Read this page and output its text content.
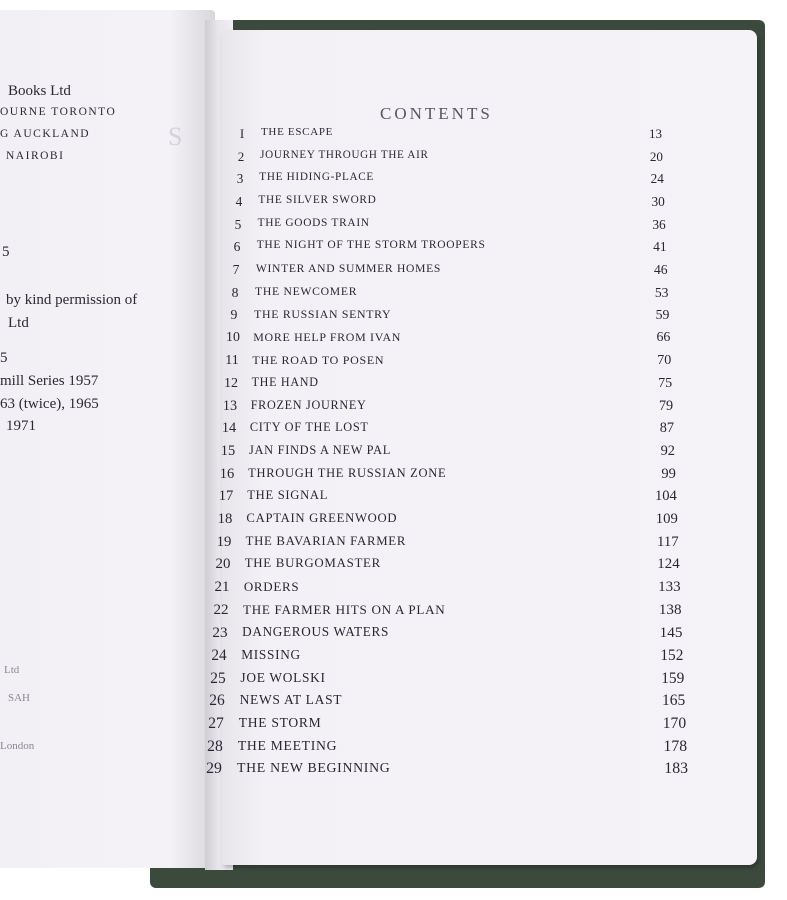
S
Books Ltd
OURNE TORONTO
G AUCKLAND
NAIROBI
5
by kind permission of
Ltd
5
mill Series 1957
63 (twice), 1965
1971
Ltd
SAH
London
CONTENTS
I	THE ESCAPE	13
2	JOURNEY THROUGH THE AIR	20
3	THE HIDING-PLACE	24
4	THE SILVER SWORD	30
5	THE GOODS TRAIN	36
6	THE NIGHT OF THE STORM TROOPERS	41
7	WINTER AND SUMMER HOMES	46
8	THE NEWCOMER	53
9	THE RUSSIAN SENTRY	59
10	MORE HELP FROM IVAN	66
11	THE ROAD TO POSEN	70
12	THE HAND	75
13	FROZEN JOURNEY	79
14	CITY OF THE LOST	87
15	JAN FINDS A NEW PAL	92
16	THROUGH THE RUSSIAN ZONE	99
17	THE SIGNAL	104
18	CAPTAIN GREENWOOD	109
19	THE BAVARIAN FARMER	117
20	THE BURGOMASTER	124
21	ORDERS	133
22	THE FARMER HITS ON A PLAN	138
23	DANGEROUS WATERS	145
24	MISSING	152
25	JOE WOLSKI	159
26	NEWS AT LAST	165
27	THE STORM	170
28	THE MEETING	178
29	THE NEW BEGINNING	183
